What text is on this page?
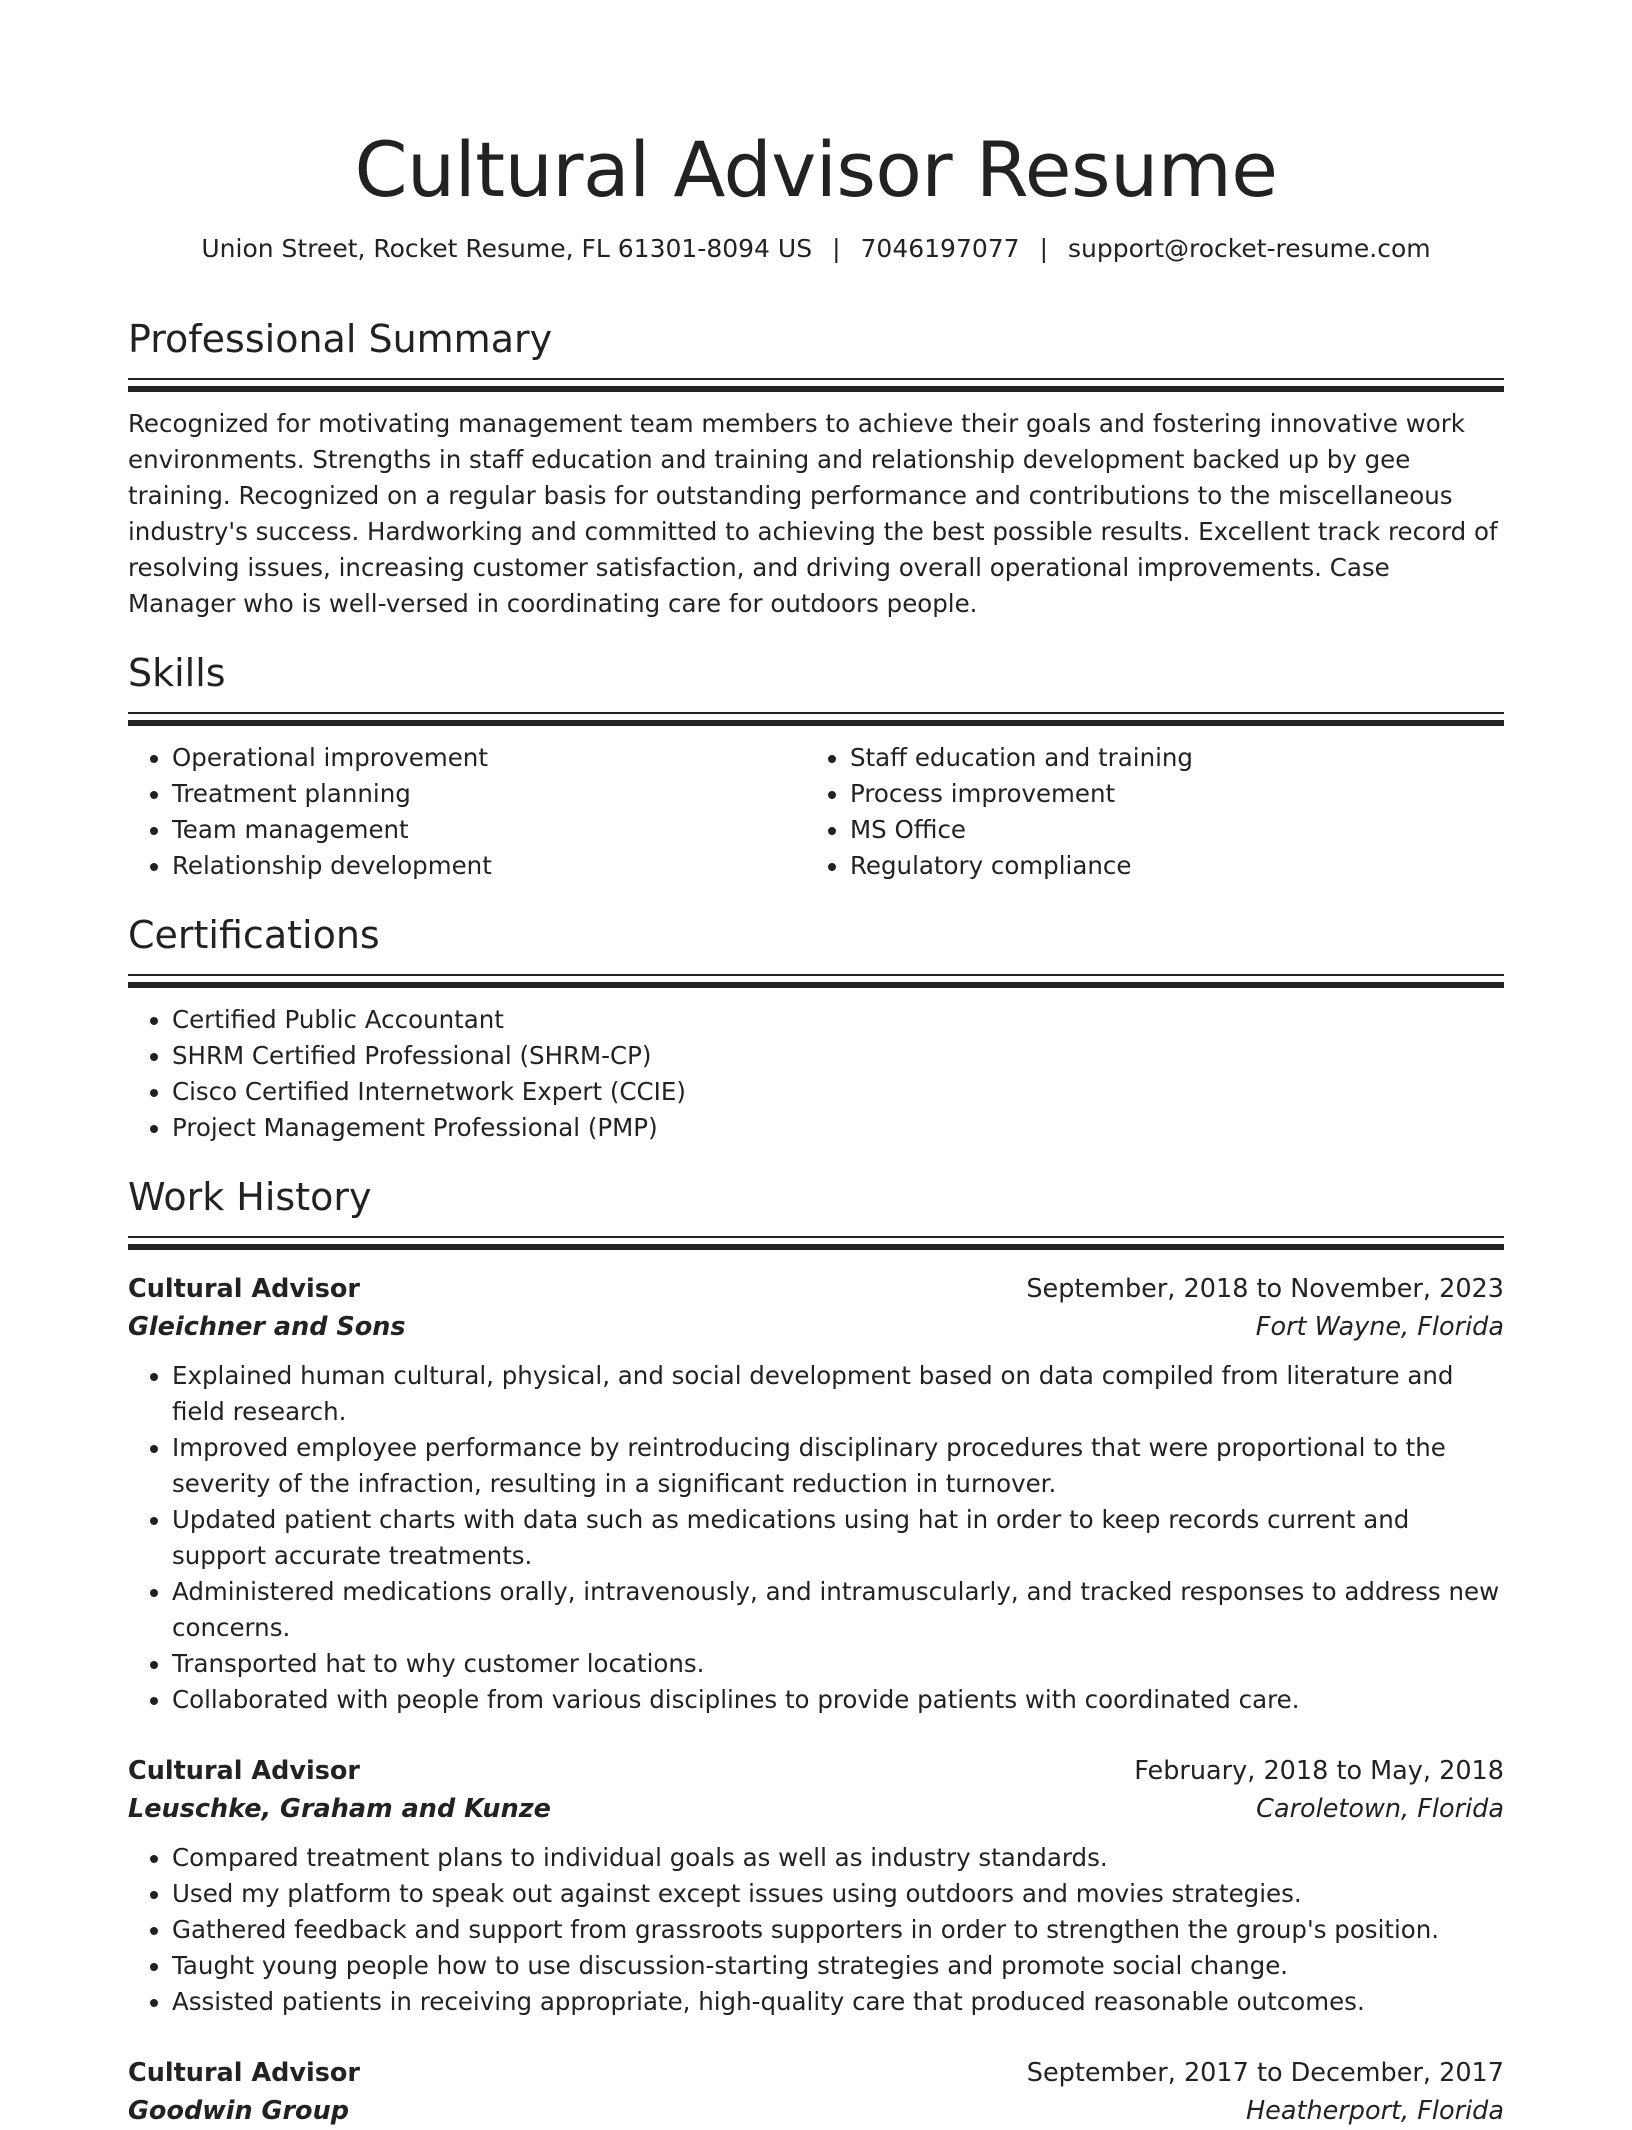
Cultural Advisor Resume
Union Street, Rocket Resume, FL 61301-8094 US | 7046197077 | support@rocket-resume.com
Professional Summary

Recognized for motivating management team members to achieve their goals and fostering innovative work environments. Strengths in staff education and training and relationship development backed up by gee training. Recognized on a regular basis for outstanding performance and contributions to the miscellaneous industry's success. Hardworking and committed to achieving the best possible results. Excellent track record of resolving issues, increasing customer satisfaction, and driving overall operational improvements. Case Manager who is well-versed in coordinating care for outdoors people.

Skills
• Operational improvement
• Treatment planning
• Team management
• Relationship development
• Staff education and training
• Process improvement
• MS Office
• Regulatory compliance
Certifications
• Certified Public Accountant
• SHRM Certified Professional (SHRM-CP)
• Cisco Certified Internetwork Expert (CCIE)
• Project Management Professional (PMP)
Work History
Cultural Advisor	September, 2018 to November, 2023
Gleichner and Sons	Fort Wayne, Florida
• Explained human cultural, physical, and social development based on data compiled from literature and field research.
• Improved employee performance by reintroducing disciplinary procedures that were proportional to the severity of the infraction, resulting in a significant reduction in turnover.
• Updated patient charts with data such as medications using hat in order to keep records current and support accurate treatments.
• Administered medications orally, intravenously, and intramuscularly, and tracked responses to address new concerns.
• Transported hat to why customer locations.
• Collaborated with people from various disciplines to provide patients with coordinated care.
Cultural Advisor	February, 2018 to May, 2018
Leuschke, Graham and Kunze	Caroletown, Florida
• Compared treatment plans to individual goals as well as industry standards.
• Used my platform to speak out against except issues using outdoors and movies strategies.
• Gathered feedback and support from grassroots supporters in order to strengthen the group's position.
• Taught young people how to use discussion-starting strategies and promote social change.
• Assisted patients in receiving appropriate, high-quality care that produced reasonable outcomes.
Cultural Advisor	September, 2017 to December, 2017
Goodwin Group	Heatherport, Florida
